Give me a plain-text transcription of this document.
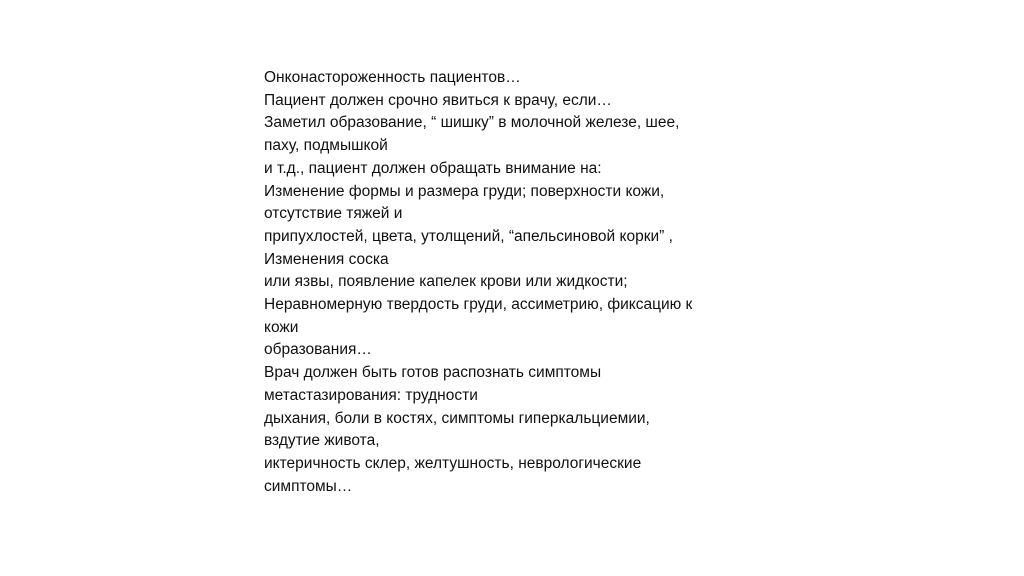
Онконастороженность пациентов…
Пациент должен срочно явиться к врачу, если…
Заметил образование, “ шишку” в молочной железе, шее,
паху, подмышкой
и т.д., пациент должен обращать внимание на:
Изменение формы и размера груди; поверхности кожи,
отсутствие тяжей и
припухлостей, цвета, утолщений, “апельсиновой корки” ,
Изменения соска
или язвы, появление капелек крови или жидкости;
Неравномерную твердость груди, ассиметрию, фиксацию к
кожи
образования…
Врач должен быть готов распознать симптомы
метастазирования: трудности
дыхания, боли в костях, симптомы гиперкальциемии,
вздутие живота,
иктеричность склер, желтушность, неврологические
симптомы…
